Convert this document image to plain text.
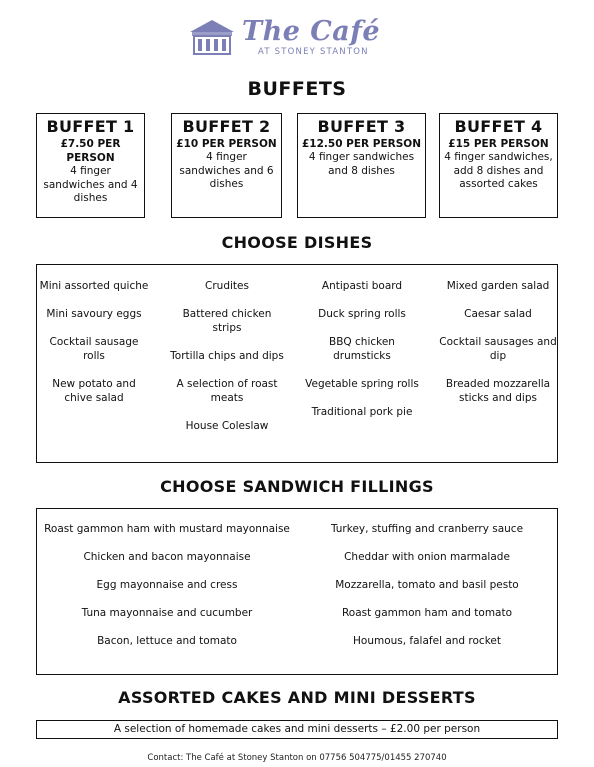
The Café
AT STONEY STANTON
BUFFETS
BUFFET 1
£7.50 PER PERSON
4 finger sandwiches and 4 dishes
BUFFET 2
£10 PER PERSON
4 finger sandwiches and 6 dishes
BUFFET 3
£12.50 PER PERSON
4 finger sandwiches and 8 dishes
BUFFET 4
£15 PER PERSON
4 finger sandwiches, add 8 dishes and assorted cakes
CHOOSE DISHES
Mini assorted quiche
Mini savoury eggs
Cocktail sausage rolls
New potato and chive salad
Crudites
Battered chicken strips
Tortilla chips and dips
A selection of roast meats
House Coleslaw
Antipasti board
Duck spring rolls
BBQ chicken drumsticks
Vegetable spring rolls
Traditional pork pie
Mixed garden salad
Caesar salad
Cocktail sausages and dip
Breaded mozzarella sticks and dips
CHOOSE SANDWICH FILLINGS
Roast gammon ham with mustard mayonnaise
Chicken and bacon mayonnaise
Egg mayonnaise and cress
Tuna mayonnaise and cucumber
Bacon, lettuce and tomato
Turkey, stuffing and cranberry sauce
Cheddar with onion marmalade
Mozzarella, tomato and basil pesto
Roast gammon ham and tomato
Houmous, falafel and rocket
ASSORTED CAKES AND MINI DESSERTS
A selection of homemade cakes and mini desserts – £2.00 per person
Contact: The Café at Stoney Stanton on 07756 504775/01455 270740
